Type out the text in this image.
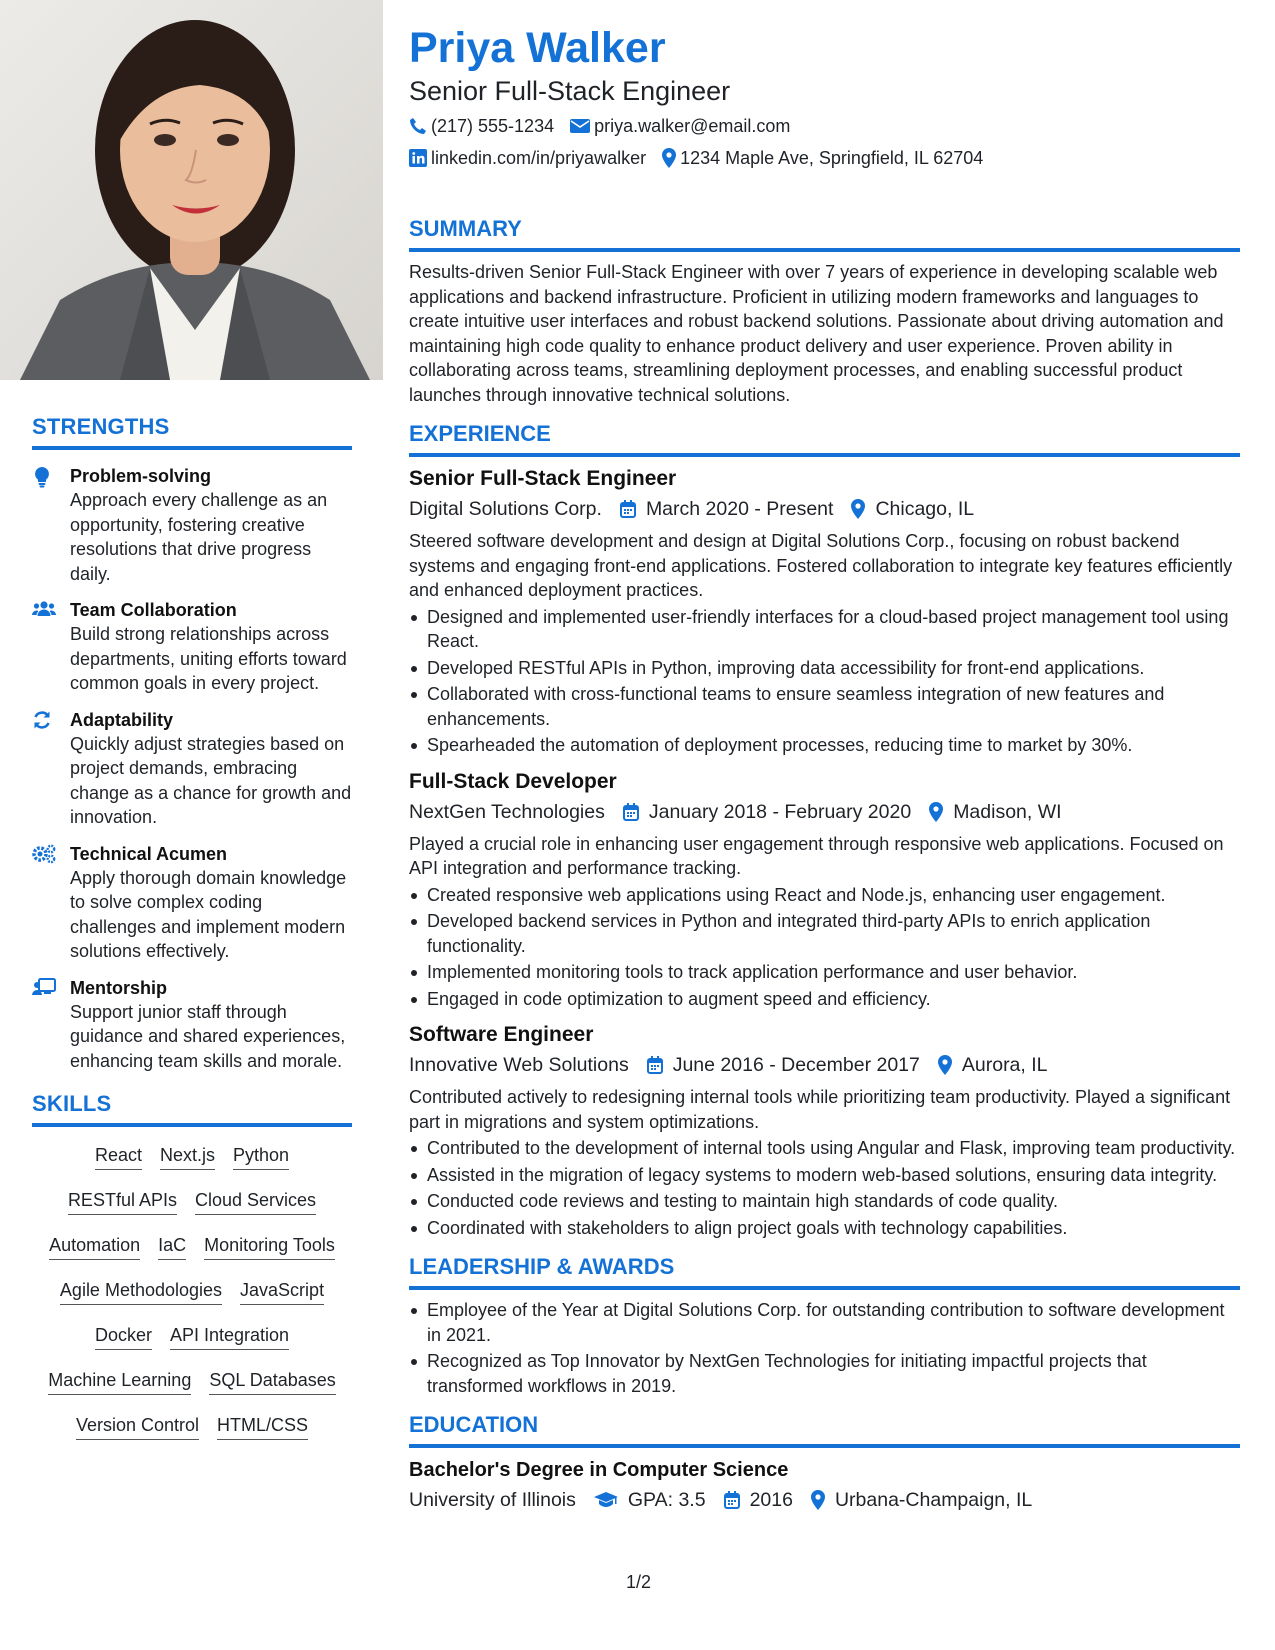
STRENGTHS
Problem-solving
Approach every challenge as an opportunity, fostering creative resolutions that drive progress daily.
Team Collaboration
Build strong relationships across departments, uniting efforts toward common goals in every project.
Adaptability
Quickly adjust strategies based on project demands, embracing change as a chance for growth and innovation.
Technical Acumen
Apply thorough domain knowledge to solve complex coding challenges and implement modern solutions effectively.
Mentorship
Support junior staff through guidance and shared experiences, enhancing team skills and morale.
SKILLS
React Next.js Python
RESTful APIs Cloud Services
Automation IaC Monitoring Tools
Agile Methodologies JavaScript
Docker API Integration
Machine Learning SQL Databases
Version Control HTML/CSS
Priya Walker
Senior Full-Stack Engineer
(217) 555-1234 priya.walker@email.com
linkedin.com/in/priyawalker 1234 Maple Ave, Springfield, IL 62704
SUMMARY
Results-driven Senior Full-Stack Engineer with over 7 years of experience in developing scalable web applications and backend infrastructure. Proficient in utilizing modern frameworks and languages to create intuitive user interfaces and robust backend solutions. Passionate about driving automation and maintaining high code quality to enhance product delivery and user experience. Proven ability in collaborating across teams, streamlining deployment processes, and enabling successful product launches through innovative technical solutions.
EXPERIENCE
Senior Full-Stack Engineer
Digital Solutions Corp. March 2020 - Present Chicago, IL
Steered software development and design at Digital Solutions Corp., focusing on robust backend systems and engaging front-end applications. Fostered collaboration to integrate key features efficiently and enhanced deployment practices.
Designed and implemented user-friendly interfaces for a cloud-based project management tool using React.
Developed RESTful APIs in Python, improving data accessibility for front-end applications.
Collaborated with cross-functional teams to ensure seamless integration of new features and enhancements.
Spearheaded the automation of deployment processes, reducing time to market by 30%.
Full-Stack Developer
NextGen Technologies January 2018 - February 2020 Madison, WI
Played a crucial role in enhancing user engagement through responsive web applications. Focused on API integration and performance tracking.
Created responsive web applications using React and Node.js, enhancing user engagement.
Developed backend services in Python and integrated third-party APIs to enrich application functionality.
Implemented monitoring tools to track application performance and user behavior.
Engaged in code optimization to augment speed and efficiency.
Software Engineer
Innovative Web Solutions June 2016 - December 2017 Aurora, IL
Contributed actively to redesigning internal tools while prioritizing team productivity. Played a significant part in migrations and system optimizations.
Contributed to the development of internal tools using Angular and Flask, improving team productivity.
Assisted in the migration of legacy systems to modern web-based solutions, ensuring data integrity.
Conducted code reviews and testing to maintain high standards of code quality.
Coordinated with stakeholders to align project goals with technology capabilities.
LEADERSHIP & AWARDS
Employee of the Year at Digital Solutions Corp. for outstanding contribution to software development in 2021.
Recognized as Top Innovator by NextGen Technologies for initiating impactful projects that transformed workflows in 2019.
EDUCATION
Bachelor's Degree in Computer Science
University of Illinois	GPA: 3.5 2016 Urbana-Champaign, IL
1/2
